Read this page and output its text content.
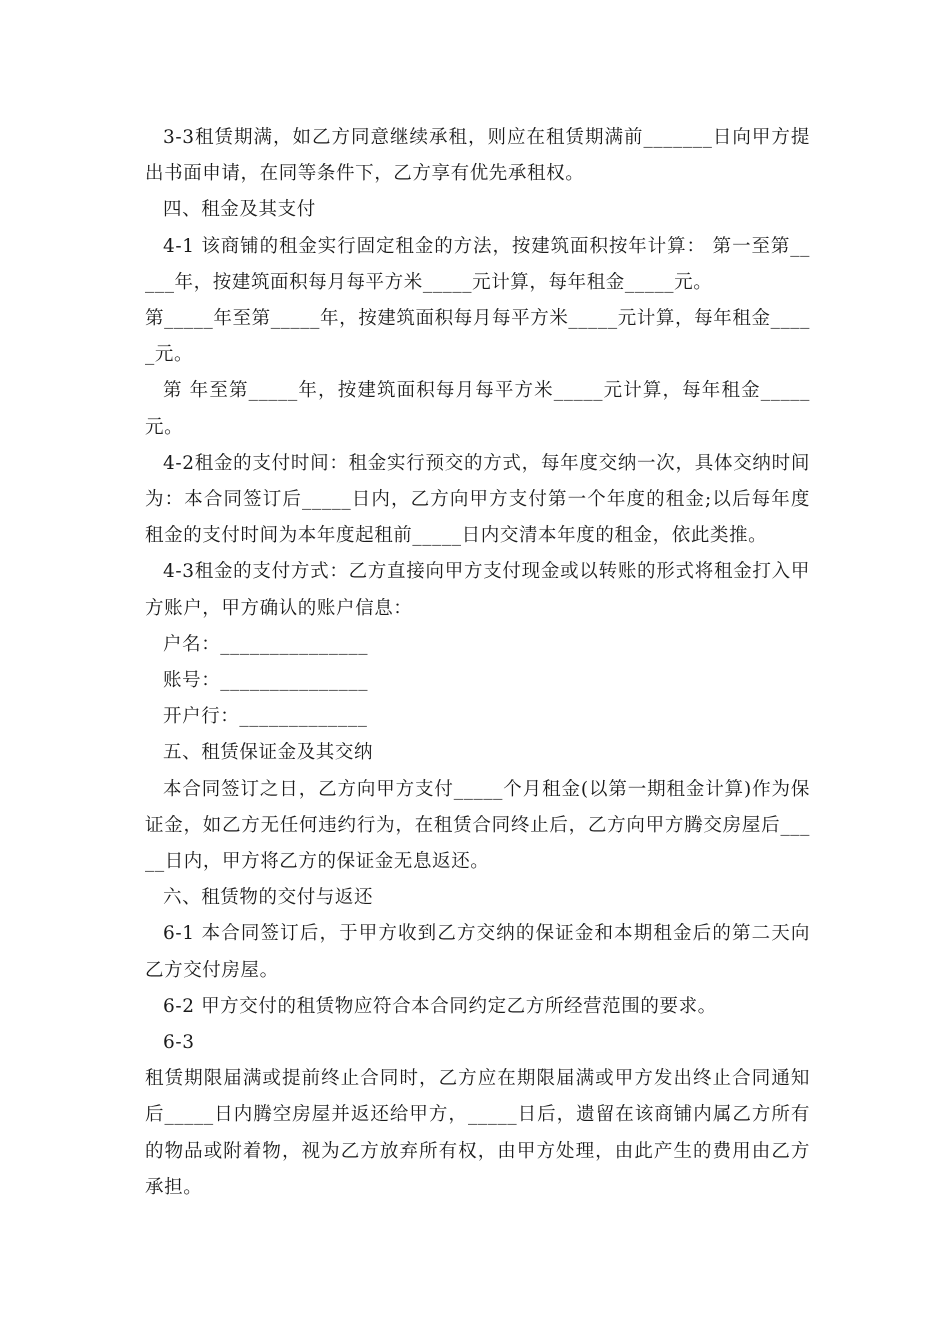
3-3租赁期满，如乙方同意继续承租，则应在租赁期满前_______日向甲方提出书面申请，在同等条件下，乙方享有优先承租权。

四、租金及其支付

4-1 该商铺的租金实行固定租金的方法，按建筑面积按年计算： 第一至第_____年，按建筑面积每月每平方米_____元计算，每年租金_____元。

第_____年至第_____年，按建筑面积每月每平方米_____元计算，每年租金_____元。

第 年至第_____年，按建筑面积每月每平方米_____元计算，每年租金_____元。

4-2租金的支付时间：租金实行预交的方式，每年度交纳一次，具体交纳时间为：本合同签订后_____日内，乙方向甲方支付第一个年度的租金;以后每年度租金的支付时间为本年度起租前_____日内交清本年度的租金，依此类推。

4-3租金的支付方式：乙方直接向甲方支付现金或以转账的形式将租金打入甲方账户，甲方确认的账户信息：

户名：_______________

账号：_______________

开户行：_____________

五、租赁保证金及其交纳

本合同签订之日，乙方向甲方支付_____个月租金(以第一期租金计算)作为保证金，如乙方无任何违约行为，在租赁合同终止后，乙方向甲方腾交房屋后_____日内，甲方将乙方的保证金无息返还。

六、租赁物的交付与返还

6-1 本合同签订后，于甲方收到乙方交纳的保证金和本期租金后的第二天向乙方交付房屋。

6-2 甲方交付的租赁物应符合本合同约定乙方所经营范围的要求。

6-3

租赁期限届满或提前终止合同时，乙方应在期限届满或甲方发出终止合同通知后_____日内腾空房屋并返还给甲方，_____日后，遗留在该商铺内属乙方所有的物品或附着物，视为乙方放弃所有权，由甲方处理，由此产生的费用由乙方承担。
